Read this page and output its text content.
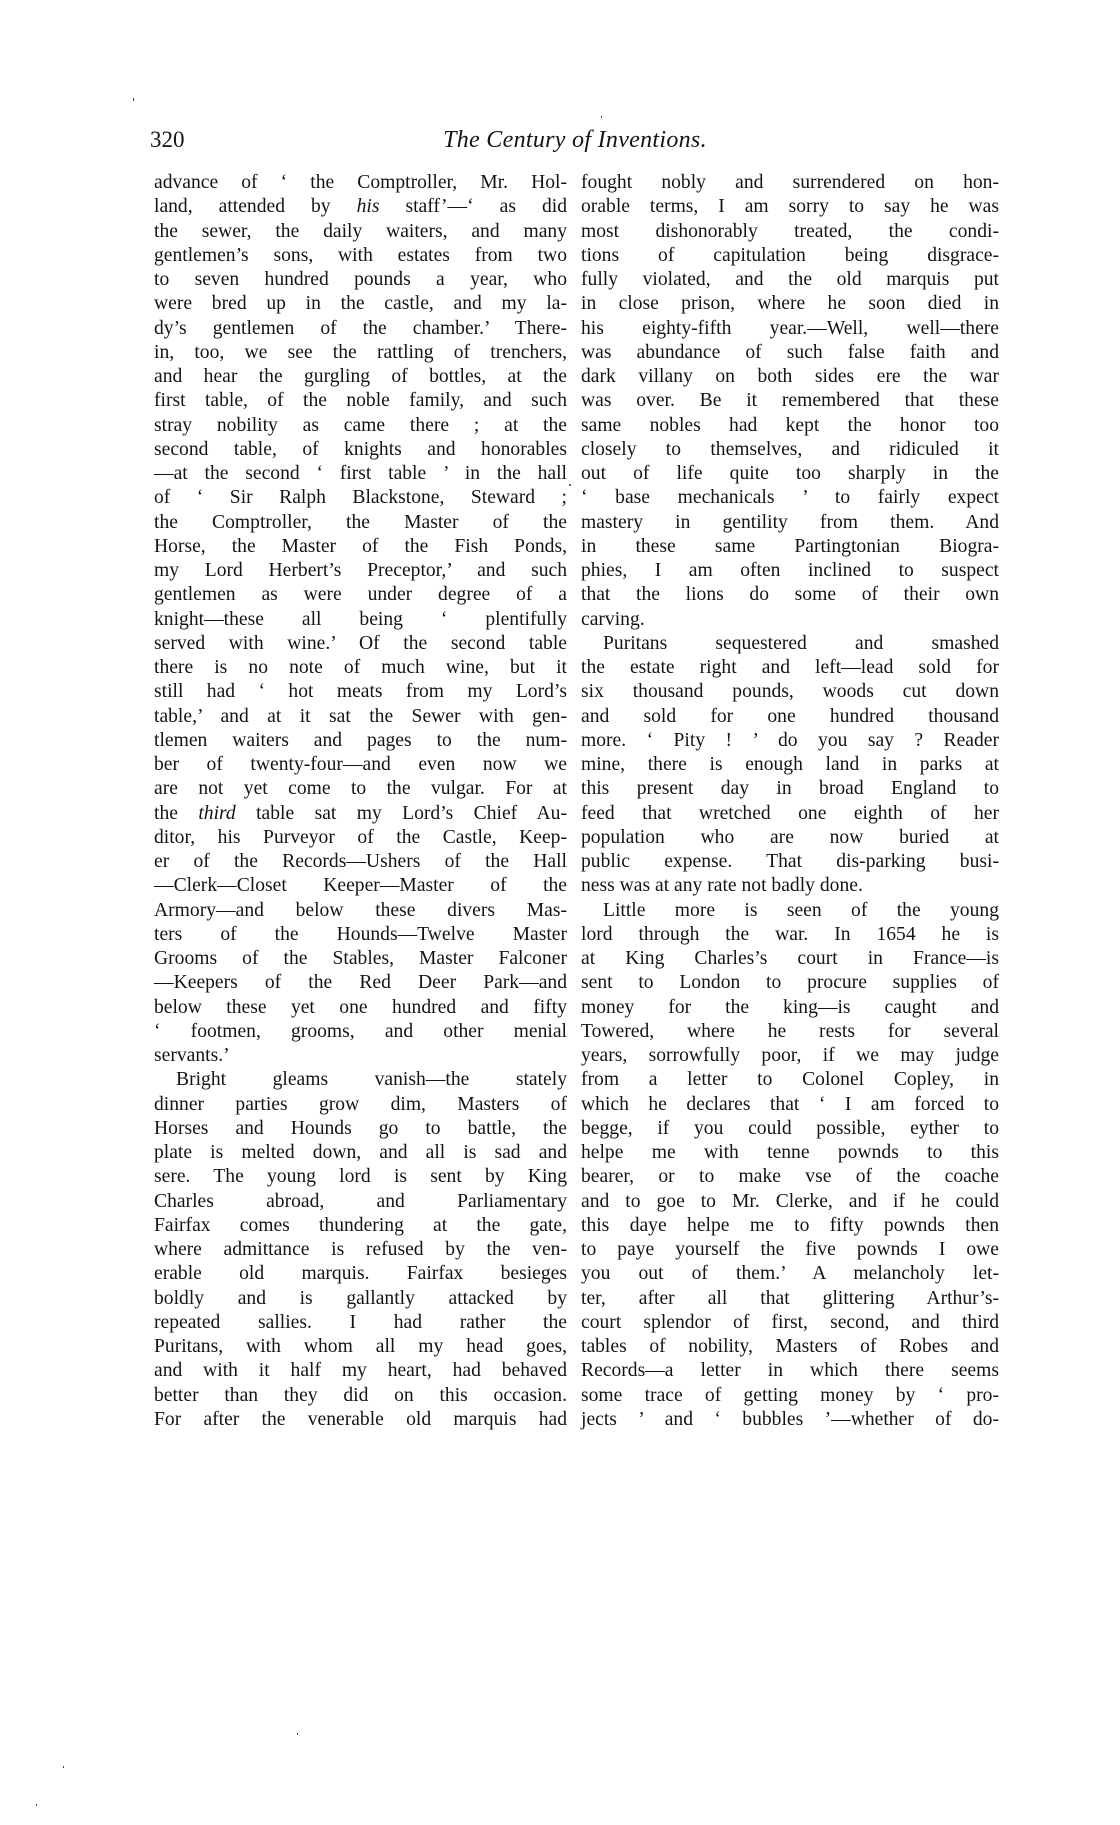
320	The Century of Inventions.
advance of ‘ the Comptroller, Mr. Hol-
land, attended by his staff’—‘ as did
the sewer, the daily waiters, and many
gentlemen’s sons, with estates from two
to seven hundred pounds a year, who
were bred up in the castle, and my la-
dy’s gentlemen of the chamber.’ There-
in, too, we see the rattling of trenchers,
and hear the gurgling of bottles, at the
first table, of the noble family, and such
stray nobility as came there ; at the
second table, of knights and honorables
—at the second ‘ first table ’ in the hall
of ‘ Sir Ralph Blackstone, Steward ;
the Comptroller, the Master of the
Horse, the Master of the Fish Ponds,
my Lord Herbert’s Preceptor,’ and such
gentlemen as were under degree of a
knight—these all being ‘ plentifully
served with wine.’ Of the second table
there is no note of much wine, but it
still had ‘ hot meats from my Lord’s
table,’ and at it sat the Sewer with gen-
tlemen waiters and pages to the num-
ber of twenty-four—and even now we
are not yet come to the vulgar. For at
the third table sat my Lord’s Chief Au-
ditor, his Purveyor of the Castle, Keep-
er of the Records—Ushers of the Hall
—Clerk—Closet Keeper—Master of the
Armory—and below these divers Mas-
ters of the Hounds—Twelve Master
Grooms of the Stables, Master Falconer
—Keepers of the Red Deer Park—and
below these yet one hundred and fifty
‘ footmen, grooms, and other menial
servants.’
Bright gleams vanish—the stately
dinner parties grow dim, Masters of
Horses and Hounds go to battle, the
plate is melted down, and all is sad and
sere. The young lord is sent by King
Charles abroad, and Parliamentary
Fairfax comes thundering at the gate,
where admittance is refused by the ven-
erable old marquis. Fairfax besieges
boldly and is gallantly attacked by
repeated sallies. I had rather the
Puritans, with whom all my head goes,
and with it half my heart, had behaved
better than they did on this occasion.
For after the venerable old marquis had
fought nobly and surrendered on hon-
orable terms, I am sorry to say he was
most dishonorably treated, the condi-
tions of capitulation being disgrace-
fully violated, and the old marquis put
in close prison, where he soon died in
his eighty-fifth year.—Well, well—there
was abundance of such false faith and
dark villany on both sides ere the war
was over. Be it remembered that these
same nobles had kept the honor too
closely to themselves, and ridiculed it
out of life quite too sharply in the
‘ base mechanicals ’ to fairly expect
mastery in gentility from them. And
in these same Partingtonian Biogra-
phies, I am often inclined to suspect
that the lions do some of their own
carving.
Puritans sequestered and smashed
the estate right and left—lead sold for
six thousand pounds, woods cut down
and sold for one hundred thousand
more. ‘ Pity ! ’ do you say ? Reader
mine, there is enough land in parks at
this present day in broad England to
feed that wretched one eighth of her
population who are now buried at
public expense. That dis-parking busi-
ness was at any rate not badly done.
Little more is seen of the young
lord through the war. In 1654 he is
at King Charles’s court in France—is
sent to London to procure supplies of
money for the king—is caught and
Towered, where he rests for several
years, sorrowfully poor, if we may judge
from a letter to Colonel Copley, in
which he declares that ‘ I am forced to
begge, if you could possible, eyther to
helpe me with tenne pownds to this
bearer, or to make vse of the coache
and to goe to Mr. Clerke, and if he could
this daye helpe me to fifty pownds then
to paye yourself the five pownds I owe
you out of them.’ A melancholy let-
ter, after all that glittering Arthur’s-
court splendor of first, second, and third
tables of nobility, Masters of Robes and
Records—a letter in which there seems
some trace of getting money by ‘ pro-
jects ’ and ‘ bubbles ’—whether of do-
